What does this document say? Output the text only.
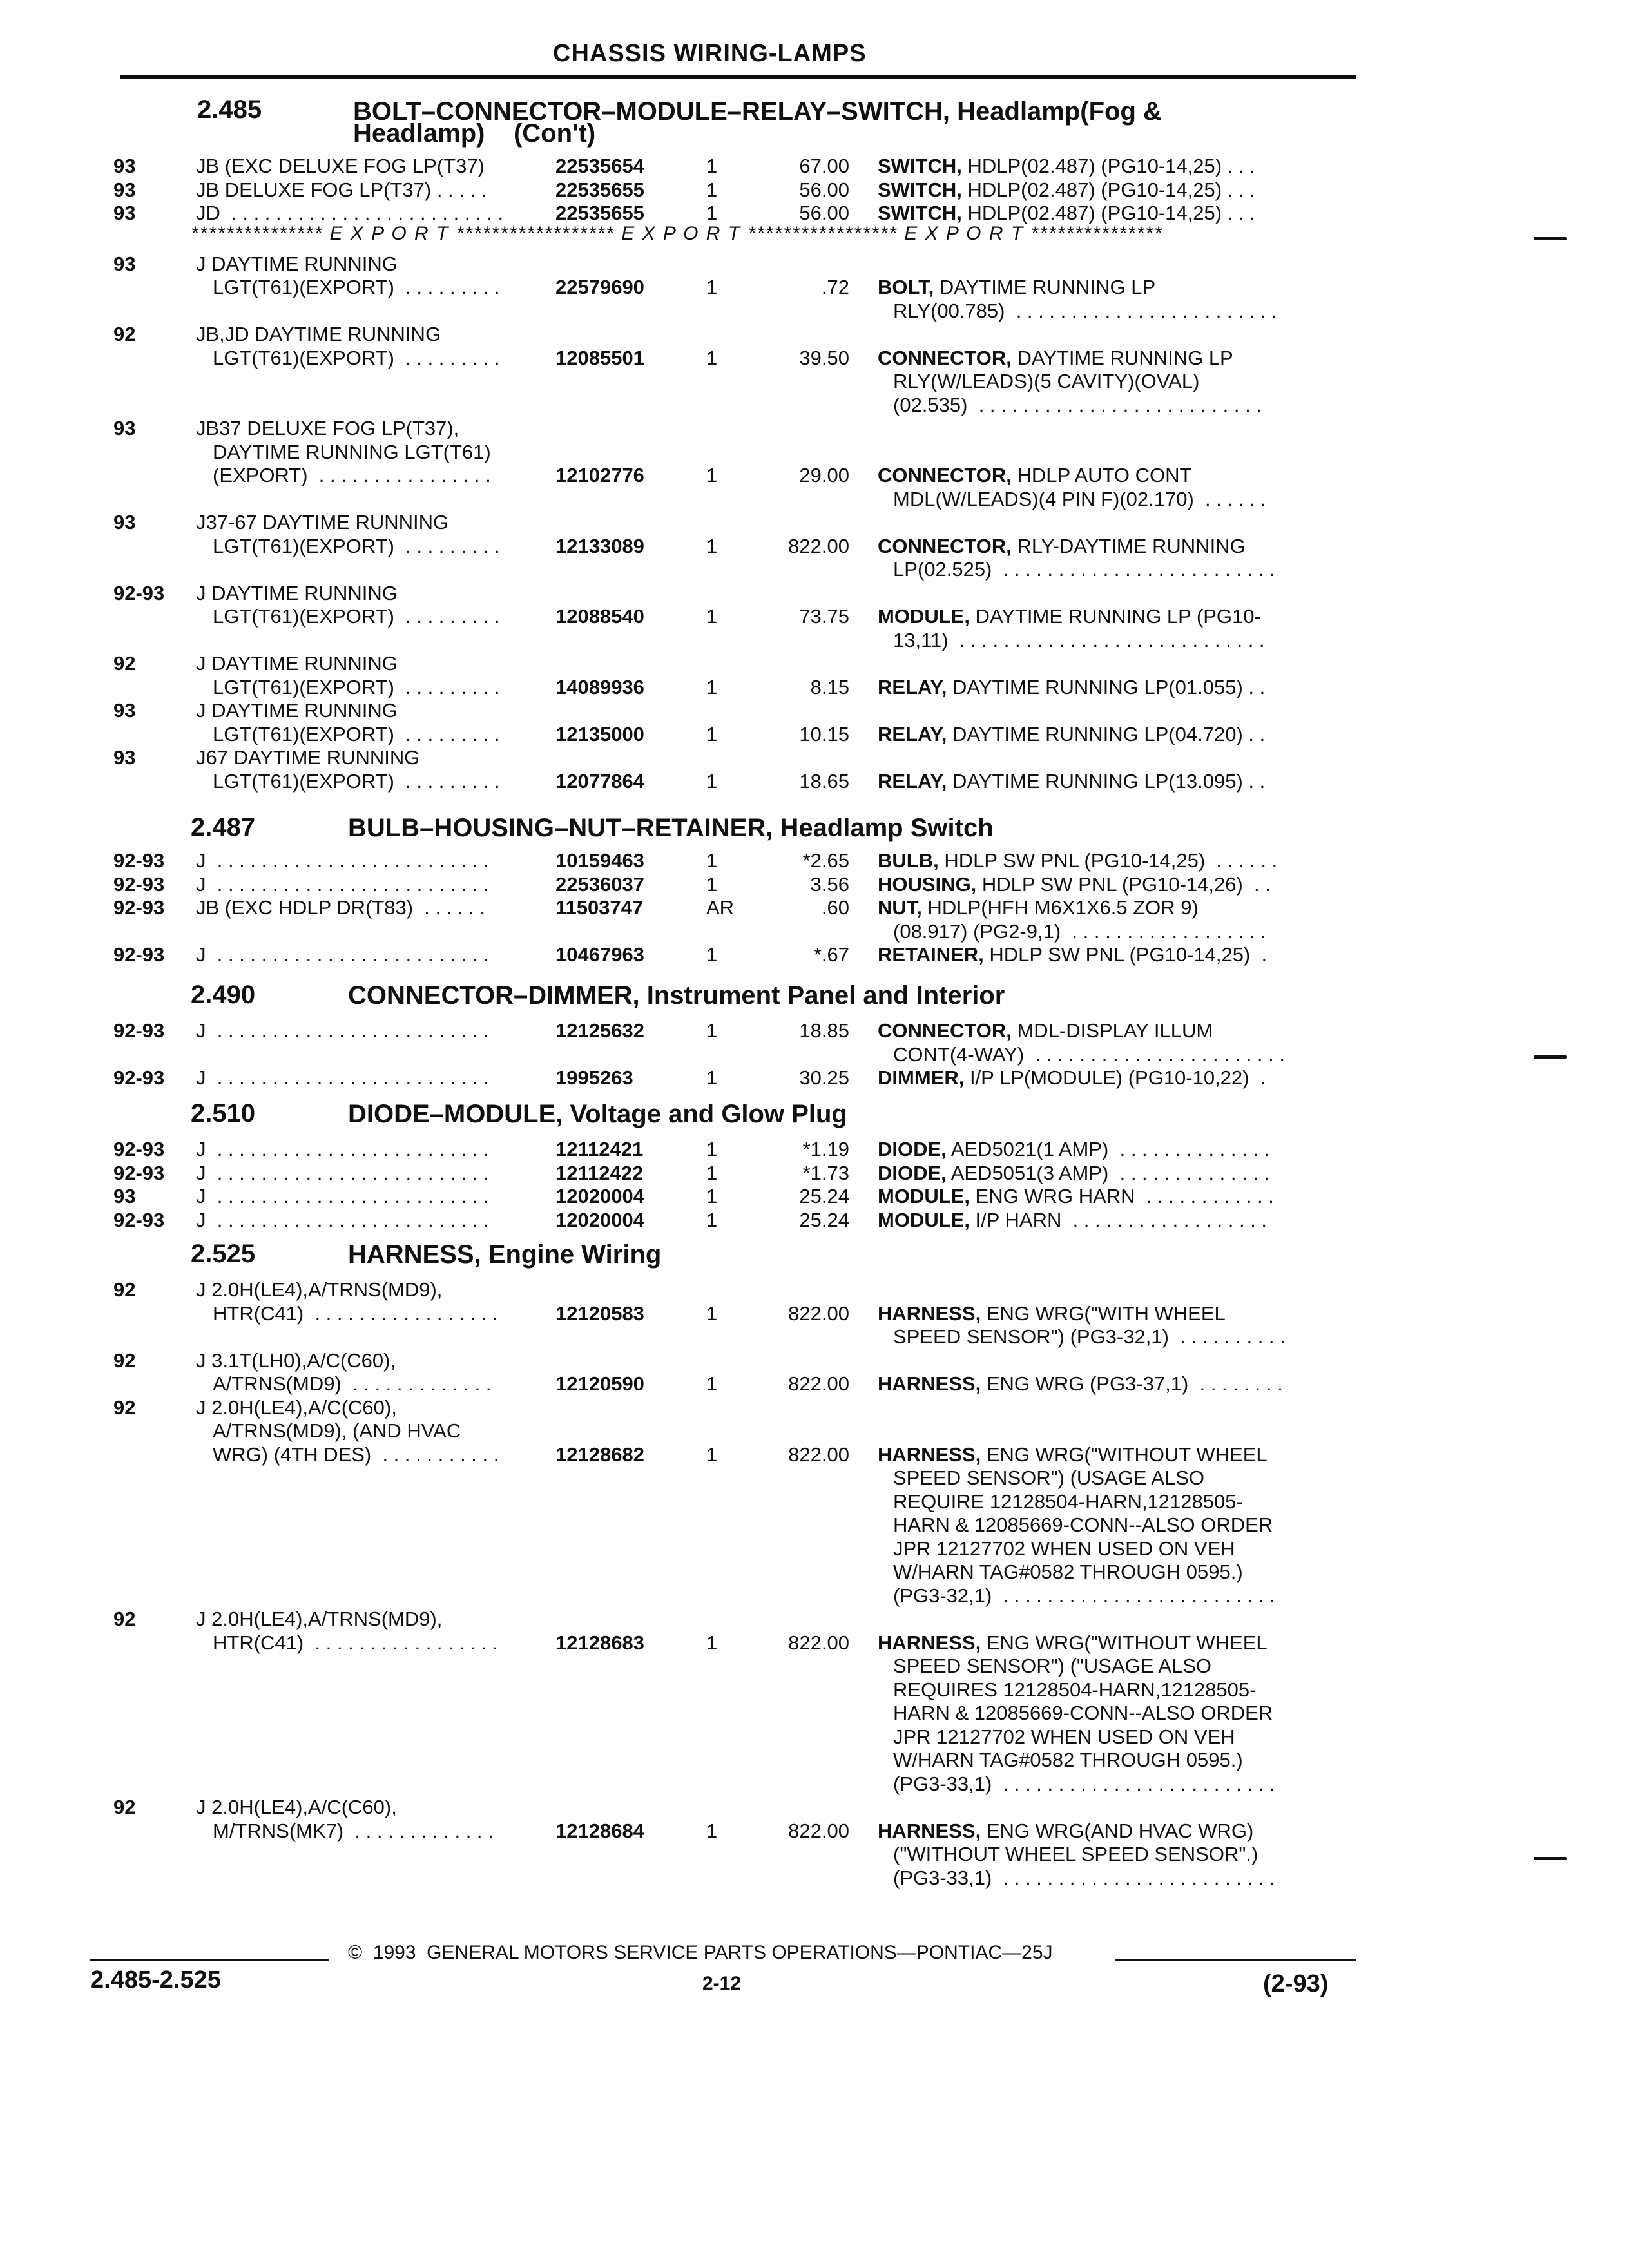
CHASSIS WIRING-LAMPS
2.485	BOLT–CONNECTOR–MODULE–RELAY–SWITCH, Headlamp(Fog &
Headlamp)    (Con't)
93	JB (EXC DELUXE FOG LP(T37)	22535654	1	67.00 SWITCH, HDLP(02.487) (PG10-14,25) . . .
93	JB DELUXE FOG LP(T37) . . . . .	22535655	1	56.00 SWITCH, HDLP(02.487) (PG10-14,25) . . .
93	JD  . . . . . . . . . . . . . . . . . . . . . . . . .	22535655	1	56.00 SWITCH, HDLP(02.487) (PG10-14,25) . . .
93	J DAYTIME RUNNING
LGT(T61)(EXPORT)  . . . . . . . . .	22579690	1	.72 BOLT, DAYTIME RUNNING LP
RLY(00.785)  . . . . . . . . . . . . . . . . . . . . . . . .
92	JB,JD DAYTIME RUNNING
LGT(T61)(EXPORT)  . . . . . . . . .	12085501	1	39.50 CONNECTOR, DAYTIME RUNNING LP
RLY(W/LEADS)(5 CAVITY)(OVAL)
(02.535)  . . . . . . . . . . . . . . . . . . . . . . . . . .
93	JB37 DELUXE FOG LP(T37),
DAYTIME RUNNING LGT(T61)
(EXPORT)  . . . . . . . . . . . . . . . .	12102776	1	29.00 CONNECTOR, HDLP AUTO CONT
MDL(W/LEADS)(4 PIN F)(02.170)  . . . . . .
93	J37-67 DAYTIME RUNNING
LGT(T61)(EXPORT)  . . . . . . . . .	12133089	1	822.00 CONNECTOR, RLY-DAYTIME RUNNING
LP(02.525)  . . . . . . . . . . . . . . . . . . . . . . . . .
92-93 J DAYTIME RUNNING
LGT(T61)(EXPORT)  . . . . . . . . .	12088540	1	73.75 MODULE, DAYTIME RUNNING LP (PG10-
13,11)  . . . . . . . . . . . . . . . . . . . . . . . . . . . .
92	J DAYTIME RUNNING
LGT(T61)(EXPORT)  . . . . . . . . .	14089936	1	8.15 RELAY, DAYTIME RUNNING LP(01.055) . .
93	J DAYTIME RUNNING
LGT(T61)(EXPORT)  . . . . . . . . .	12135000	1	10.15 RELAY, DAYTIME RUNNING LP(04.720) . .
93	J67 DAYTIME RUNNING
LGT(T61)(EXPORT)  . . . . . . . . .	12077864	1	18.65 RELAY, DAYTIME RUNNING LP(13.095) . .
*************** E X P O R T ****************** E X P O R T ***************** E X P O R T ***************
2.487	BULB–HOUSING–NUT–RETAINER, Headlamp Switch
92-93 J  . . . . . . . . . . . . . . . . . . . . . . . . .	10159463	1	*2.65 BULB, HDLP SW PNL (PG10-14,25)  . . . . . .
92-93 J  . . . . . . . . . . . . . . . . . . . . . . . . .	22536037	1	3.56 HOUSING, HDLP SW PNL (PG10-14,26)  . .
92-93 JB (EXC HDLP DR(T83)  . . . . . .	11503747	AR	.60 NUT, HDLP(HFH M6X1X6.5 ZOR 9)
(08.917) (PG2-9,1)  . . . . . . . . . . . . . . . . . .
92-93 J  . . . . . . . . . . . . . . . . . . . . . . . . .	10467963	1	*.67 RETAINER, HDLP SW PNL (PG10-14,25)  .
2.490	CONNECTOR–DIMMER, Instrument Panel and Interior
92-93 J  . . . . . . . . . . . . . . . . . . . . . . . . .	12125632	1	18.85 CONNECTOR, MDL-DISPLAY ILLUM
CONT(4-WAY)  . . . . . . . . . . . . . . . . . . . . . . .
92-93 J  . . . . . . . . . . . . . . . . . . . . . . . . .	1995263	1	30.25 DIMMER, I/P LP(MODULE) (PG10-10,22)  .
2.510	DIODE–MODULE, Voltage and Glow Plug
92-93 J  . . . . . . . . . . . . . . . . . . . . . . . . .	12112421	1	*1.19 DIODE, AED5021(1 AMP)  . . . . . . . . . . . . . .
92-93 J  . . . . . . . . . . . . . . . . . . . . . . . . .	12112422	1	*1.73 DIODE, AED5051(3 AMP)  . . . . . . . . . . . . . .
93	J  . . . . . . . . . . . . . . . . . . . . . . . . .	12020004	1	25.24 MODULE, ENG WRG HARN  . . . . . . . . . . . .
92-93 J  . . . . . . . . . . . . . . . . . . . . . . . . .	12020004	1	25.24 MODULE, I/P HARN  . . . . . . . . . . . . . . . . . .
2.525	HARNESS, Engine Wiring
92	J 2.0H(LE4),A/TRNS(MD9),
HTR(C41)  . . . . . . . . . . . . . . . . .	12120583	1	822.00 HARNESS, ENG WRG("WITH WHEEL
SPEED SENSOR") (PG3-32,1)  . . . . . . . . . .
92	J 3.1T(LH0),A/C(C60),
A/TRNS(MD9)  . . . . . . . . . . . . .	12120590	1	822.00 HARNESS, ENG WRG (PG3-37,1)  . . . . . . . .
92	J 2.0H(LE4),A/C(C60),
A/TRNS(MD9), (AND HVAC
WRG) (4TH DES)  . . . . . . . . . . .	12128682	1	822.00 HARNESS, ENG WRG("WITHOUT WHEEL
SPEED SENSOR") (USAGE ALSO
REQUIRE 12128504-HARN,12128505-
HARN & 12085669-CONN--ALSO ORDER
JPR 12127702 WHEN USED ON VEH
W/HARN TAG#0582 THROUGH 0595.)
(PG3-32,1)  . . . . . . . . . . . . . . . . . . . . . . . . .
92	J 2.0H(LE4),A/TRNS(MD9),
HTR(C41)  . . . . . . . . . . . . . . . . .	12128683	1	822.00 HARNESS, ENG WRG("WITHOUT WHEEL
SPEED SENSOR") ("USAGE ALSO
REQUIRES 12128504-HARN,12128505-
HARN & 12085669-CONN--ALSO ORDER
JPR 12127702 WHEN USED ON VEH
W/HARN TAG#0582 THROUGH 0595.)
(PG3-33,1)  . . . . . . . . . . . . . . . . . . . . . . . . .
92	J 2.0H(LE4),A/C(C60),
M/TRNS(MK7)  . . . . . . . . . . . . .	12128684	1	822.00 HARNESS, ENG WRG(AND HVAC WRG)
("WITHOUT WHEEL SPEED SENSOR".)
(PG3-33,1)  . . . . . . . . . . . . . . . . . . . . . . . . .
©  1993  GENERAL MOTORS SERVICE PARTS OPERATIONS—PONTIAC—25J
2.485-2.525	2-12	(2-93)
